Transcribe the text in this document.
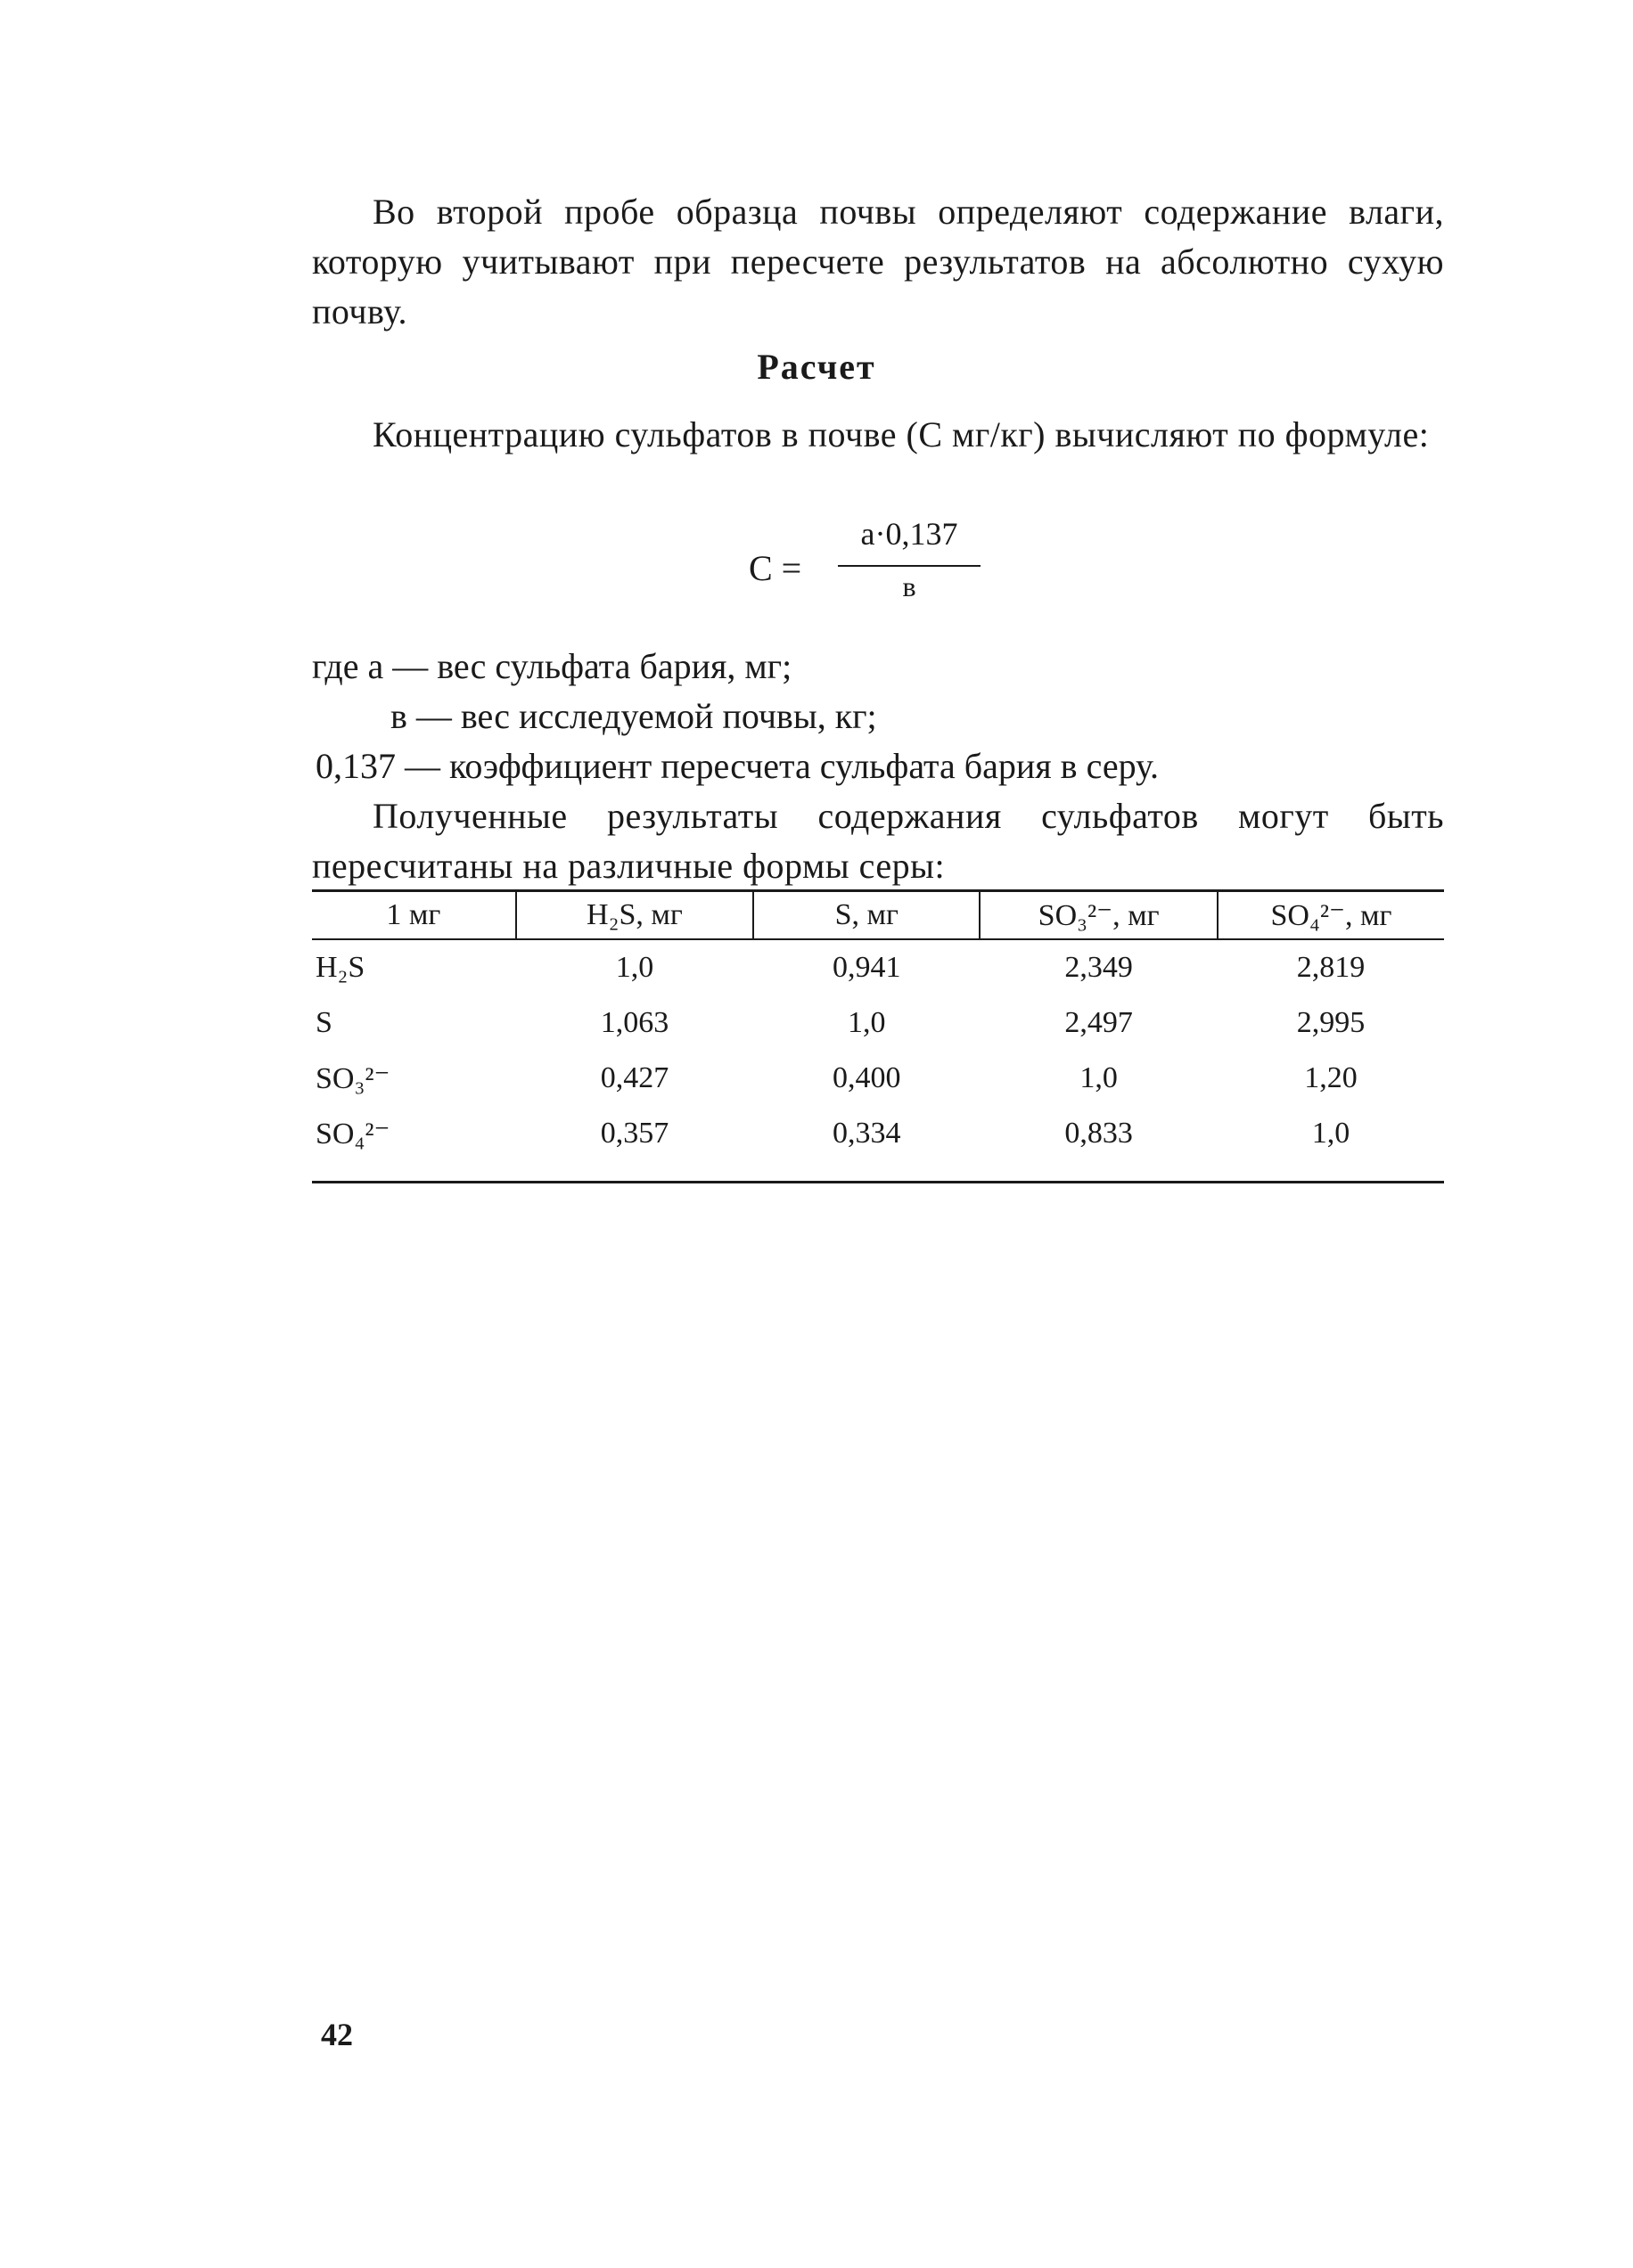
Во второй пробе образца почвы определяют содержание влаги, которую учитывают при пересчете результатов на абсолютно сухую почву.
Расчет
Концентрацию сульфатов в почве (С мг/кг) вычисляют по формуле:
С =
а·0,137
в
где а — вес сульфата бария, мг;
в — вес исследуемой почвы, кг;
0,137 — коэффициент пересчета сульфата бария в серу.
Полученные результаты содержания сульфатов могут быть пересчитаны на различные формы серы:
1 мг	H₂S, мг	S, мг	SO₃²⁻, мг	SO₄²⁻, мг

H₂S	1,0	0,941	2,349	2,819
S	1,063	1,0	2,497	2,995
SO₃²⁻	0,427	0,400	1,0	1,20
SO₄²⁻	0,357	0,334	0,833	1,0
42
